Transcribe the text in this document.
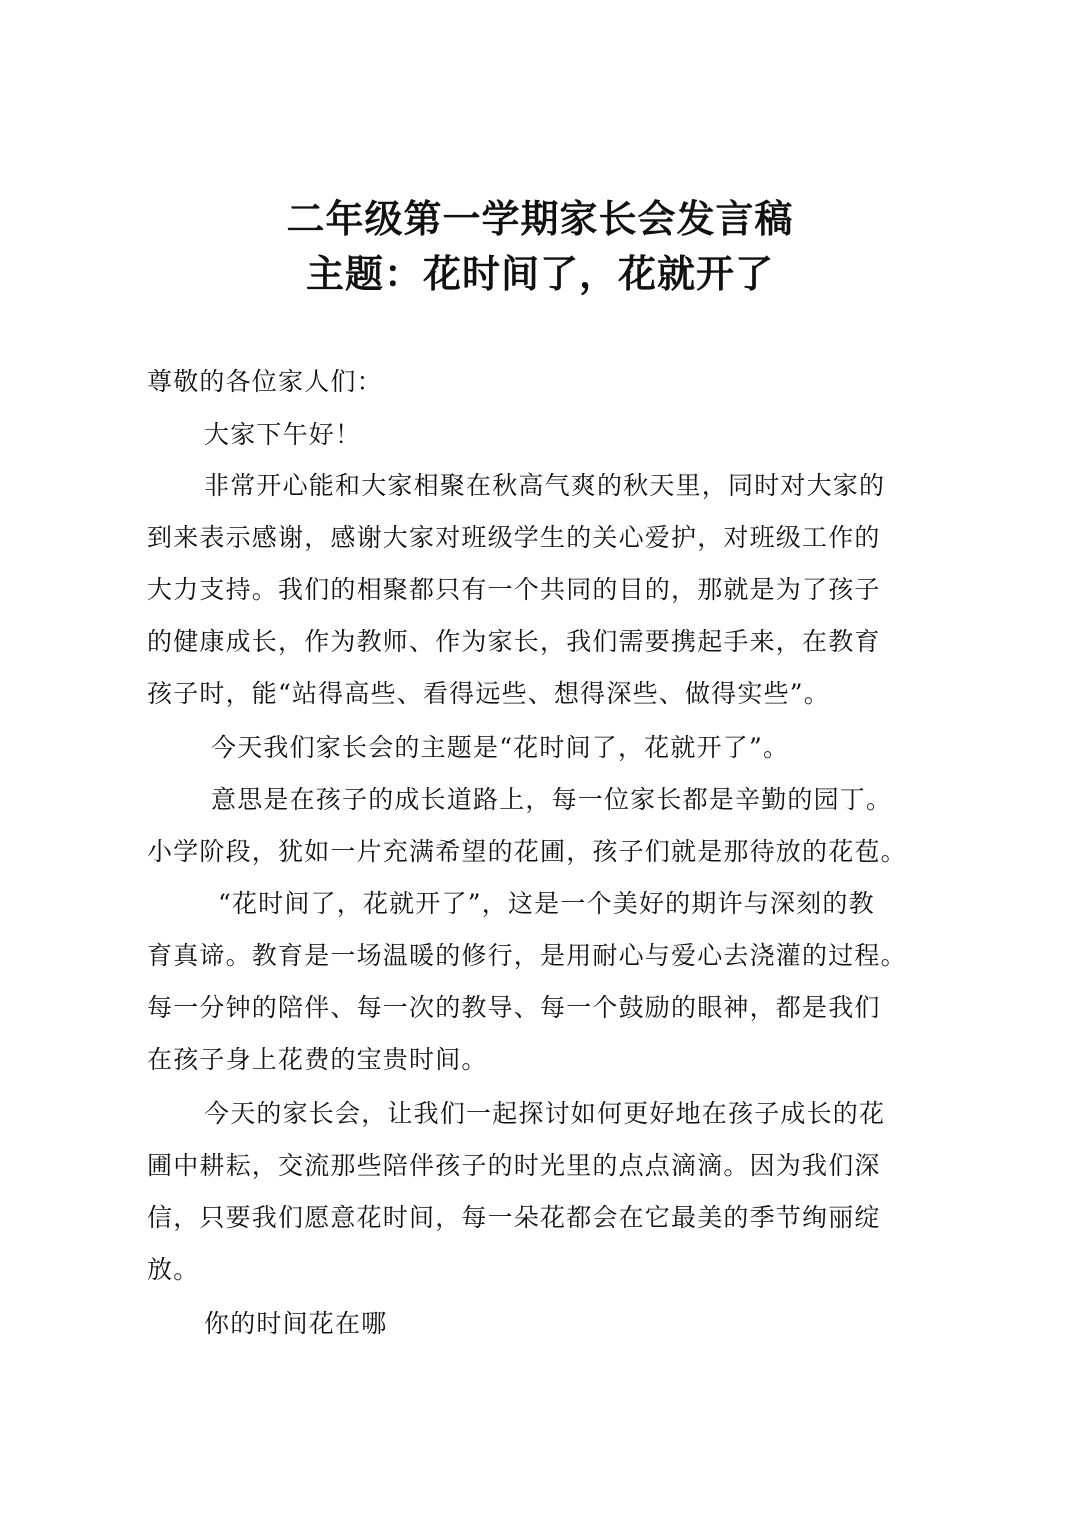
二年级第一学期家长会发言稿
主题：花时间了，花就开了

尊敬的各位家人们：

大家下午好！

非常开心能和大家相聚在秋高气爽的秋天里，同时对大家的

到来表示感谢，感谢大家对班级学生的关心爱护，对班级工作的

大力支持。我们的相聚都只有一个共同的目的，那就是为了孩子

的健康成长，作为教师、作为家长，我们需要携起手来，在教育

孩子时，能“站得高些、看得远些、想得深些、做得实些”。

今天我们家长会的主题是“花时间了，花就开了”。

意思是在孩子的成长道路上，每一位家长都是辛勤的园丁。

小学阶段，犹如一片充满希望的花圃，孩子们就是那待放的花苞。

“花时间了，花就开了”，这是一个美好的期许与深刻的教

育真谛。教育是一场温暖的修行，是用耐心与爱心去浇灌的过程。

每一分钟的陪伴、每一次的教导、每一个鼓励的眼神，都是我们

在孩子身上花费的宝贵时间。

今天的家长会，让我们一起探讨如何更好地在孩子成长的花

圃中耕耘，交流那些陪伴孩子的时光里的点点滴滴。因为我们深

信，只要我们愿意花时间，每一朵花都会在它最美的季节绚丽绽

放。

你的时间花在哪
